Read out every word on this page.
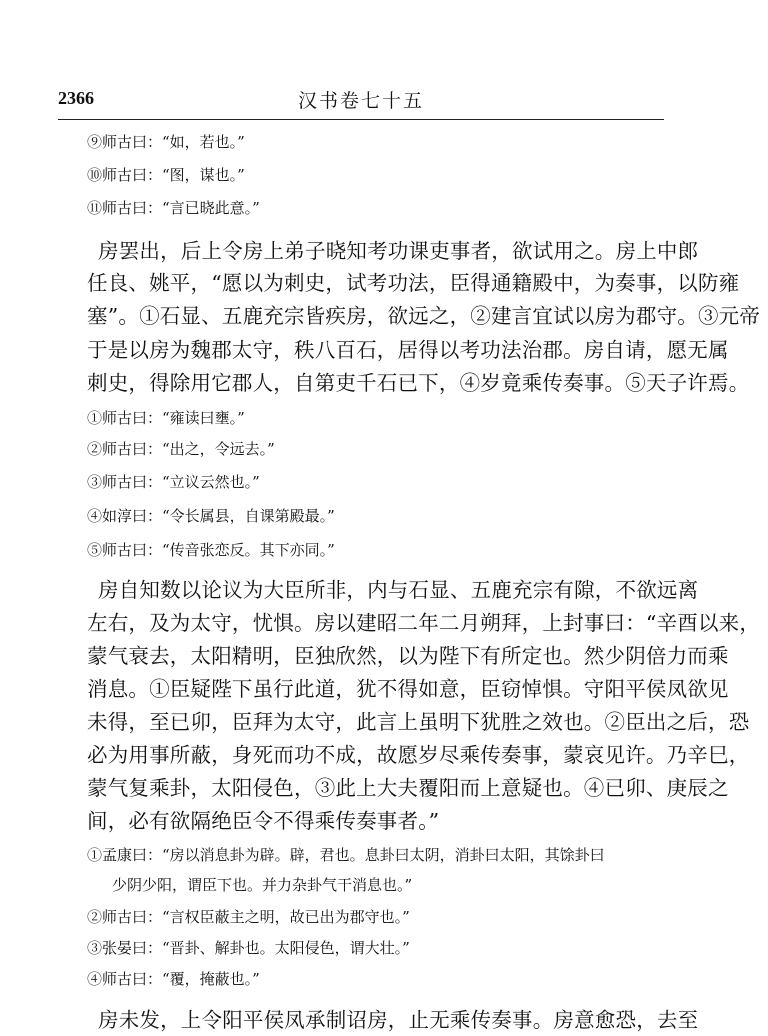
2366	汉书卷七十五
⑨师古曰：“如，若也。”
⑩师古曰：“图，谋也。”
⑪师古曰：“言已晓此意。”
房罢出，后上令房上弟子晓知考功课吏事者，欲试用之。房上中郎
任良、姚平，“愿以为刺史，试考功法，臣得通籍殿中，为奏事，以防雍
塞”。①石显、五鹿充宗皆疾房，欲远之，②建言宜试以房为郡守。③元帝
于是以房为魏郡太守，秩八百石，居得以考功法治郡。房自请，愿无属
刺史，得除用它郡人，自第吏千石已下，④岁竟乘传奏事。⑤天子许焉。
①师古曰：“雍读曰壅。”
②师古曰：“出之，令远去。”
③师古曰：“立议云然也。”
④如淳曰：“令长属县，自课第殿最。”
⑤师古曰：“传音张恋反。其下亦同。”
房自知数以论议为大臣所非，内与石显、五鹿充宗有隙，不欲远离
左右，及为太守，忧惧。房以建昭二年二月朔拜，上封事曰：“辛酉以来，
蒙气衰去，太阳精明，臣独欣然，以为陛下有所定也。然少阴倍力而乘
消息。①臣疑陛下虽行此道，犹不得如意，臣窃悼惧。守阳平侯凤欲见
未得，至已卯，臣拜为太守，此言上虽明下犹胜之效也。②臣出之后，恐
必为用事所蔽，身死而功不成，故愿岁尽乘传奏事，蒙哀见许。乃辛巳，
蒙气复乘卦，太阳侵色，③此上大夫覆阳而上意疑也。④已卯、庚辰之
间，必有欲隔绝臣令不得乘传奏事者。”
①孟康曰：“房以消息卦为辟。辟，君也。息卦曰太阴，消卦曰太阳，其馀卦曰
少阴少阳，谓臣下也。并力杂卦气干消息也。”
②师古曰：“言权臣蔽主之明，故已出为郡守也。”
③张晏曰：“晋卦、解卦也。太阳侵色，谓大壮。”
④师古曰：“覆，掩蔽也。”
房未发，上令阳平侯凤承制诏房，止无乘传奏事。房意愈恐，去至
